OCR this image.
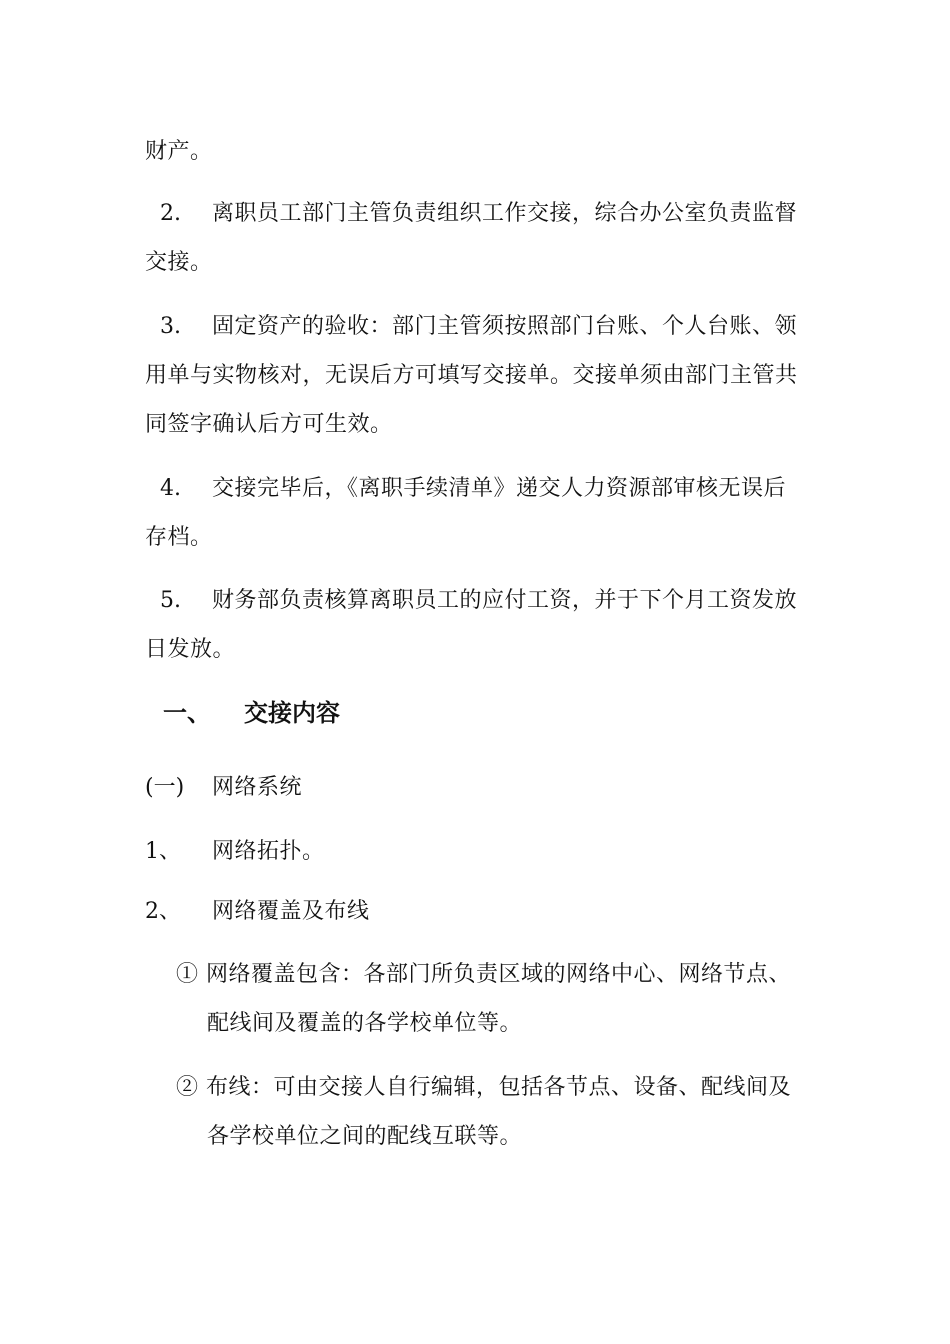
财产。
2. 离职员工部门主管负责组织工作交接，综合办公室负责监督
交接。
3. 固定资产的验收：部门主管须按照部门台账、个人台账、领
用单与实物核对，无误后方可填写交接单。交接单须由部门主管共
同签字确认后方可生效。
4. 交接完毕后，《离职手续清单》递交人力资源部审核无误后
存档。
5. 财务部负责核算离职员工的应付工资，并于下个月工资发放
日发放。
一、 交接内容
(一) 网络系统
1、 网络拓扑。
2、 网络覆盖及布线
① 网络覆盖包含：各部门所负责区域的网络中心、网络节点、
配线间及覆盖的各学校单位等。
② 布线：可由交接人自行编辑，包括各节点、设备、配线间及
各学校单位之间的配线互联等。
